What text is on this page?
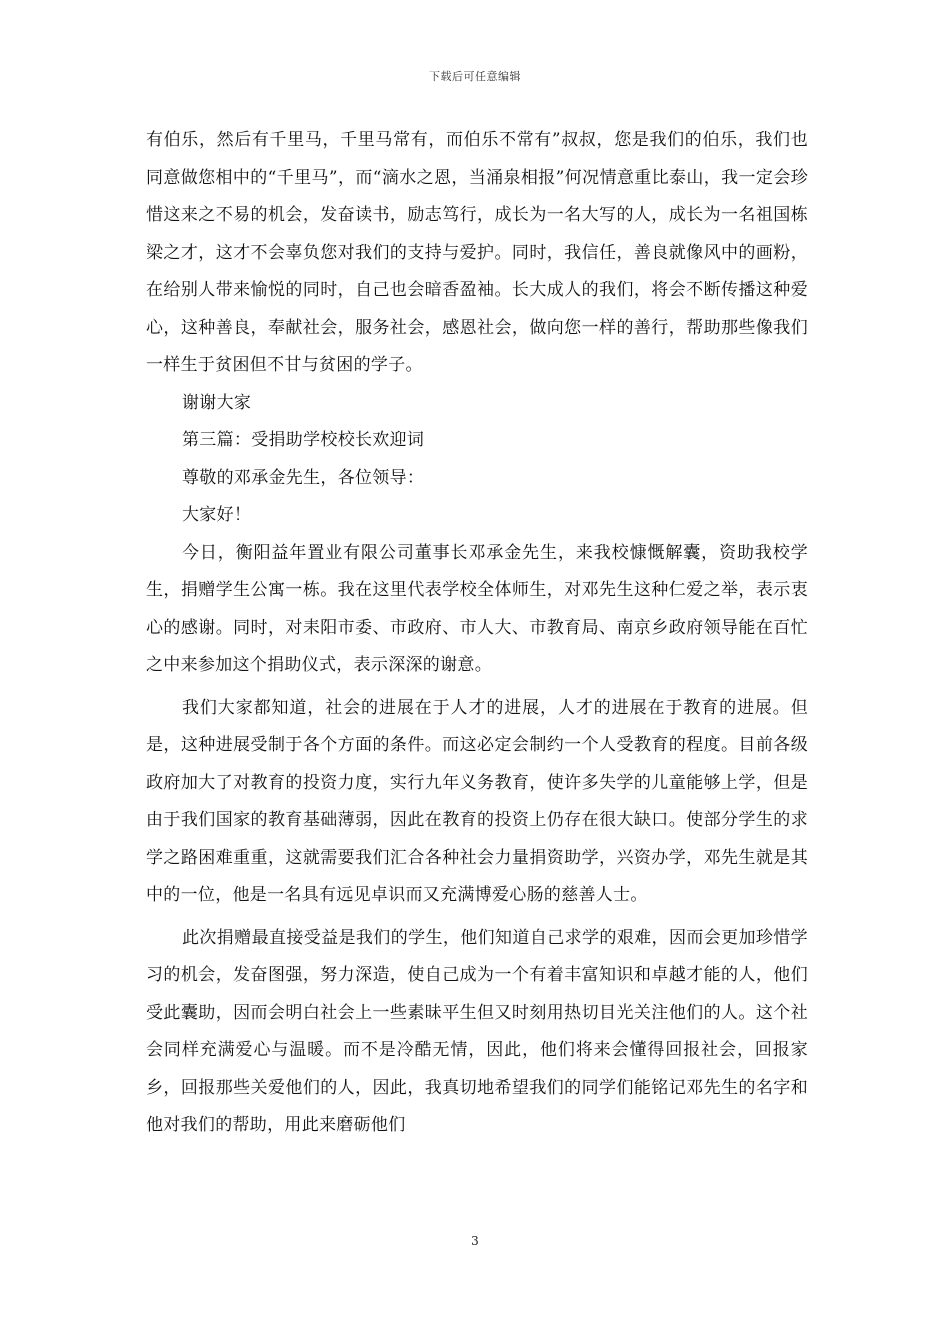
下载后可任意编辑

有伯乐，然后有千里马，千里马常有，而伯乐不常有”叔叔，您是我们的伯乐，我们也同意做您相中的“千里马”，而“滴水之恩，当涌泉相报”何况情意重比泰山，我一定会珍惜这来之不易的机会，发奋读书，励志笃行，成长为一名大写的人，成长为一名祖国栋梁之才，这才不会辜负您对我们的支持与爱护。同时，我信任，善良就像风中的画粉，在给别人带来愉悦的同时，自己也会暗香盈袖。长大成人的我们，将会不断传播这种爱心，这种善良，奉献社会，服务社会，感恩社会，做向您一样的善行，帮助那些像我们一样生于贫困但不甘与贫困的学子。

谢谢大家

第三篇：受捐助学校校长欢迎词

尊敬的邓承金先生，各位领导：

大家好！

今日，衡阳益年置业有限公司董事长邓承金先生，来我校慷慨解囊，资助我校学生，捐赠学生公寓一栋。我在这里代表学校全体师生，对邓先生这种仁爱之举，表示衷心的感谢。同时，对耒阳市委、市政府、市人大、市教育局、南京乡政府领导能在百忙之中来参加这个捐助仪式，表示深深的谢意。

我们大家都知道，社会的进展在于人才的进展，人才的进展在于教育的进展。但是，这种进展受制于各个方面的条件。而这必定会制约一个人受教育的程度。目前各级政府加大了对教育的投资力度，实行九年义务教育，使许多失学的儿童能够上学，但是由于我们国家的教育基础薄弱，因此在教育的投资上仍存在很大缺口。使部分学生的求学之路困难重重，这就需要我们汇合各种社会力量捐资助学，兴资办学，邓先生就是其中的一位，他是一名具有远见卓识而又充满博爱心肠的慈善人士。

此次捐赠最直接受益是我们的学生，他们知道自己求学的艰难，因而会更加珍惜学习的机会，发奋图强，努力深造，使自己成为一个有着丰富知识和卓越才能的人，他们受此囊助，因而会明白社会上一些素昧平生但又时刻用热切目光关注他们的人。这个社会同样充满爱心与温暖。而不是冷酷无情，因此，他们将来会懂得回报社会，回报家乡，回报那些关爱他们的人，因此，我真切地希望我们的同学们能铭记邓先生的名字和他对我们的帮助，用此来磨砺他们

3
